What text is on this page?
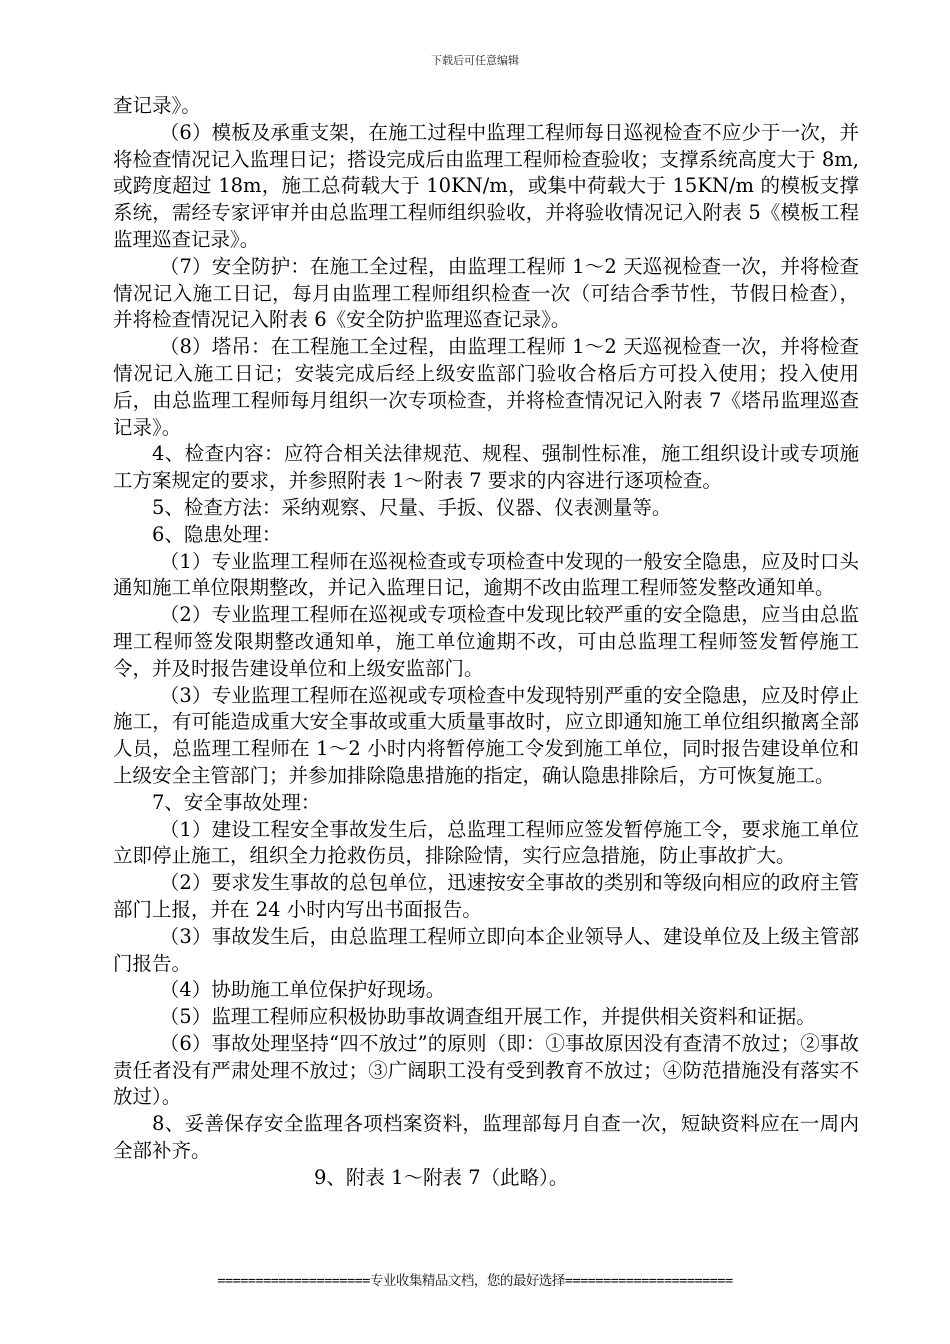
下载后可任意编辑

查记录》。

（6）模板及承重支架，在施工过程中监理工程师每日巡视检查不应少于一次，并将检查情况记入监理日记；搭设完成后由监理工程师检查验收；支撑系统高度大于 8m,或跨度超过 18m，施工总荷载大于 10KN/m，或集中荷载大于 15KN/m 的模板支撑系统，需经专家评审并由总监理工程师组织验收，并将验收情况记入附表 5《模板工程监理巡查记录》。

（7）安全防护：在施工全过程，由监理工程师 1～2 天巡视检查一次，并将检查情况记入施工日记，每月由监理工程师组织检查一次（可结合季节性，节假日检查），并将检查情况记入附表 6《安全防护监理巡查记录》。

（8）塔吊：在工程施工全过程，由监理工程师 1～2 天巡视检查一次，并将检查情况记入施工日记；安装完成后经上级安监部门验收合格后方可投入使用；投入使用后，由总监理工程师每月组织一次专项检查，并将检查情况记入附表 7《塔吊监理巡查记录》。

4、检查内容：应符合相关法律规范、规程、强制性标准，施工组织设计或专项施工方案规定的要求，并参照附表 1～附表 7 要求的内容进行逐项检查。

5、检查方法：采纳观察、尺量、手扳、仪器、仪表测量等。

6、隐患处理：

（1）专业监理工程师在巡视检查或专项检查中发现的一般安全隐患，应及时口头通知施工单位限期整改，并记入监理日记，逾期不改由监理工程师签发整改通知单。

（2）专业监理工程师在巡视或专项检查中发现比较严重的安全隐患，应当由总监理工程师签发限期整改通知单，施工单位逾期不改，可由总监理工程师签发暂停施工令，并及时报告建设单位和上级安监部门。

（3）专业监理工程师在巡视或专项检查中发现特别严重的安全隐患，应及时停止施工，有可能造成重大安全事故或重大质量事故时，应立即通知施工单位组织撤离全部人员，总监理工程师在 1～2 小时内将暂停施工令发到施工单位，同时报告建设单位和上级安全主管部门；并参加排除隐患措施的指定，确认隐患排除后，方可恢复施工。

7、安全事故处理：

（1）建设工程安全事故发生后，总监理工程师应签发暂停施工令，要求施工单位立即停止施工，组织全力抢救伤员，排除险情，实行应急措施，防止事故扩大。

（2）要求发生事故的总包单位，迅速按安全事故的类别和等级向相应的政府主管部门上报，并在 24 小时内写出书面报告。

（3）事故发生后，由总监理工程师立即向本企业领导人、建设单位及上级主管部门报告。

（4）协助施工单位保护好现场。

（5）监理工程师应积极协助事故调查组开展工作，并提供相关资料和证据。

（6）事故处理坚持“四不放过”的原则（即：①事故原因没有查清不放过；②事故责任者没有严肃处理不放过；③广阔职工没有受到教育不放过；④防范措施没有落实不放过）。

8、妥善保存安全监理各项档案资料，监理部每月自查一次，短缺资料应在一周内全部补齐。

9、附表 1～附表 7（此略）。

====================专业收集精品文档，您的最好选择======================
